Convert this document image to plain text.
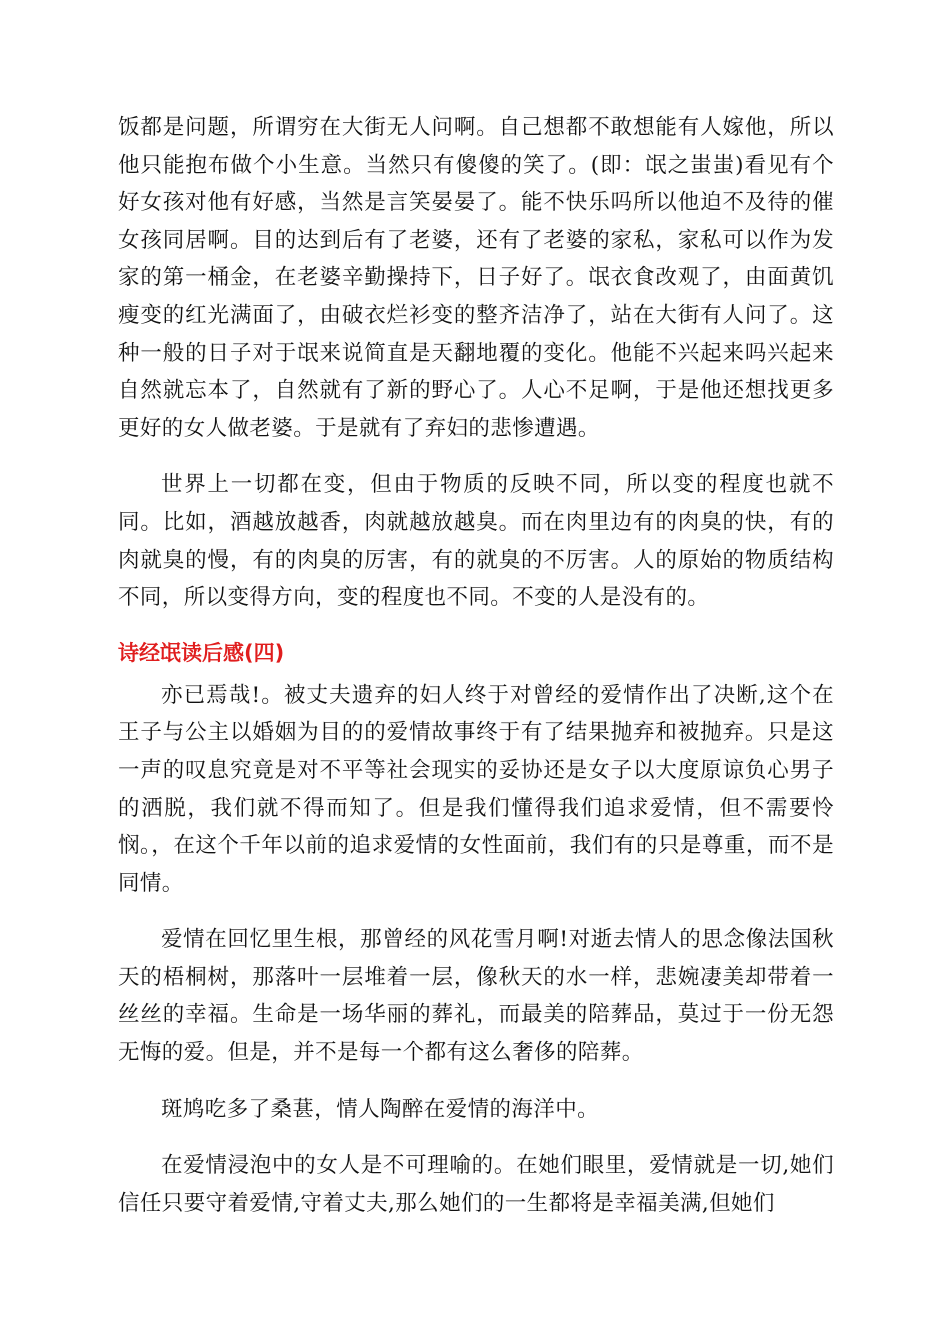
饭都是问题，所谓穷在大街无人问啊。自己想都不敢想能有人嫁他，所以他只能抱布做个小生意。当然只有傻傻的笑了。(即：氓之蚩蚩)看见有个好女孩对他有好感，当然是言笑晏晏了。能不快乐吗所以他迫不及待的催女孩同居啊。目的达到后有了老婆，还有了老婆的家私，家私可以作为发家的第一桶金，在老婆辛勤操持下，日子好了。氓衣食改观了，由面黄饥瘦变的红光满面了，由破衣烂衫变的整齐洁净了，站在大街有人问了。这种一般的日子对于氓来说简直是天翻地覆的变化。他能不兴起来吗兴起来自然就忘本了，自然就有了新的野心了。人心不足啊，于是他还想找更多更好的女人做老婆。于是就有了弃妇的悲惨遭遇。

世界上一切都在变，但由于物质的反映不同，所以变的程度也就不同。比如，酒越放越香，肉就越放越臭。而在肉里边有的肉臭的快，有的肉就臭的慢，有的肉臭的厉害，有的就臭的不厉害。人的原始的物质结构不同，所以变得方向，变的程度也不同。不变的人是没有的。

诗经氓读后感(四)

亦已焉哉!。被丈夫遗弃的妇人终于对曾经的爱情作出了决断,这个在王子与公主以婚姻为目的的爱情故事终于有了结果抛弃和被抛弃。只是这一声的叹息究竟是对不平等社会现实的妥协还是女子以大度原谅负心男子的洒脱，我们就不得而知了。但是我们懂得我们追求爱情，但不需要怜悯。，在这个千年以前的追求爱情的女性面前，我们有的只是尊重，而不是同情。

爱情在回忆里生根，那曾经的风花雪月啊!对逝去情人的思念像法国秋天的梧桐树，那落叶一层堆着一层，像秋天的水一样，悲婉凄美却带着一丝丝的幸福。生命是一场华丽的葬礼，而最美的陪葬品，莫过于一份无怨无悔的爱。但是，并不是每一个都有这么奢侈的陪葬。

斑鸠吃多了桑葚，情人陶醉在爱情的海洋中。

在爱情浸泡中的女人是不可理喻的。在她们眼里，爱情就是一切,她们信任只要守着爱情,守着丈夫,那么她们的一生都将是幸福美满,但她们
